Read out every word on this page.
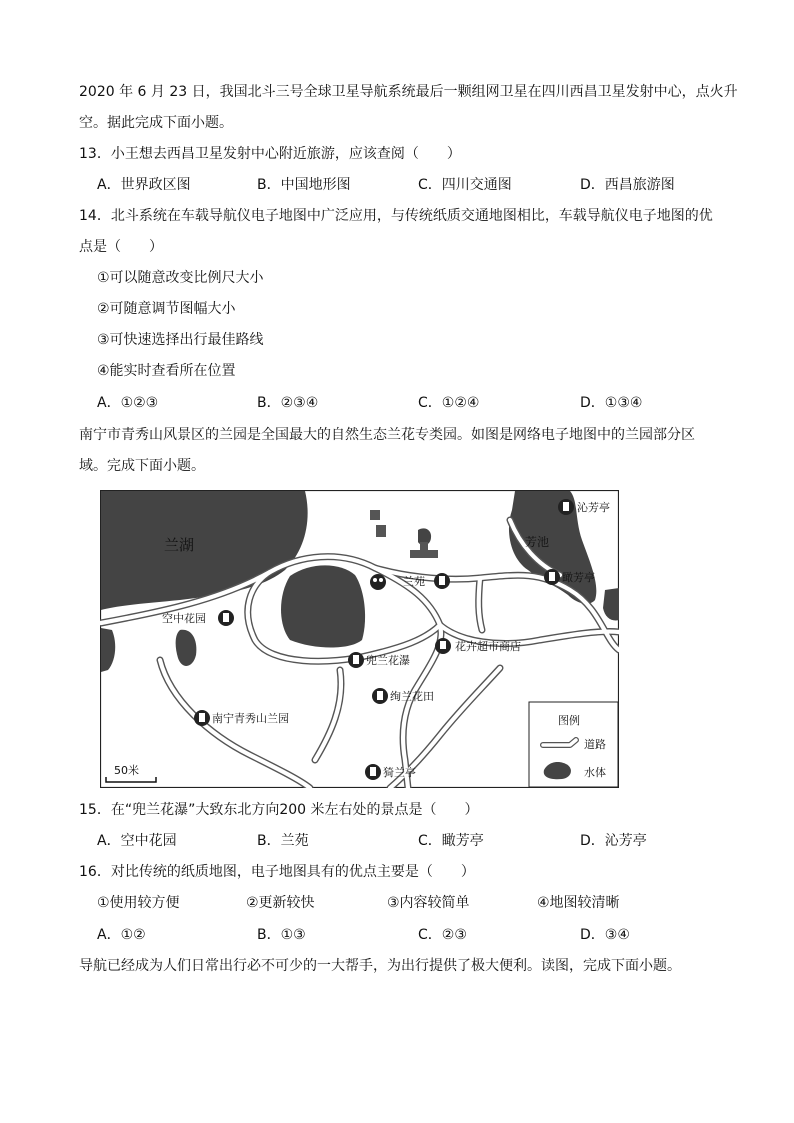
2020 年 6 月 23 日，我国北斗三号全球卫星导航系统最后一颗组网卫星在四川西昌卫星发射中心，点火升
空。据此完成下面小题。
13．小王想去西昌卫星发射中心附近旅游，应该查阅（　　）
A．世界政区图	B．中国地形图	C．四川交通图	D．西昌旅游图
14．北斗系统在车载导航仪电子地图中广泛应用，与传统纸质交通地图相比，车载导航仪电子地图的优
点是（　　）
①可以随意改变比例尺大小
②可随意调节图幅大小
③可快速选择出行最佳路线
④能实时查看所在位置
A．①②③	B．②③④	C．①②④	D．①③④
南宁市青秀山风景区的兰园是全国最大的自然生态兰花专类园。如图是网络电子地图中的兰园部分区
域。完成下面小题。
兰湖	芳池
沁芳亭
兰苑	瞰芳亭
空中花园
花卉超市商店
兜兰花瀑
绚兰花田
南宁青秀山兰园
猗兰亭
50米
图例
道路
水体
15．在“兜兰花瀑”大致东北方向200 米左右处的景点是（　　）
A．空中花园	B．兰苑	C．瞰芳亭	D．沁芳亭
16．对比传统的纸质地图，电子地图具有的优点主要是（　　）
①使用较方便	②更新较快	③内容较简单	④地图较清晰
A．①②	B．①③	C．②③	D．③④
导航已经成为人们日常出行必不可少的一大帮手，为出行提供了极大便利。读图，完成下面小题。
